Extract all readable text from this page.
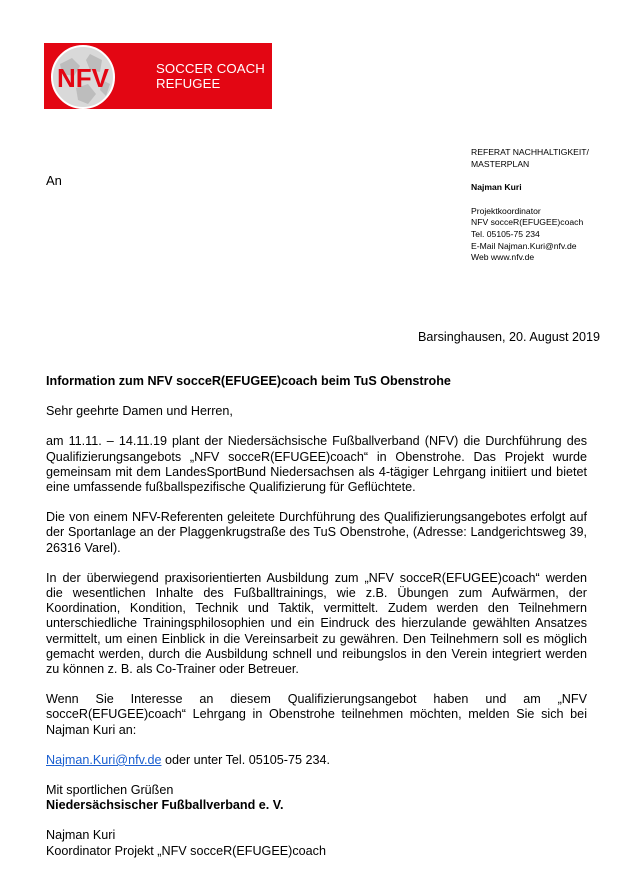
NFV	SOCCER COACH
REFUGEE
An
REFERAT NACHHALTIGKEIT/
MASTERPLAN
Najman Kuri
Projektkoordinator
NFV socceR(EFUGEE)coach
Tel. 05105-75 234
E-Mail Najman.Kuri@nfv.de
Web www.nfv.de
Barsinghausen, 20. August 2019

Information zum NFV socceR(EFUGEE)coach beim TuS Obenstrohe

Sehr geehrte Damen und Herren,

am 11.11. – 14.11.19 plant der Niedersächsische Fußballverband (NFV) die Durchführung des Qualifizierungsangebots „NFV socceR(EFUGEE)coach“ in Obenstrohe. Das Projekt wurde gemeinsam mit dem LandesSportBund Niedersachsen als 4-tägiger Lehrgang initiiert und bietet eine umfassende fußballspezifische Qualifizierung für Geflüchtete.

Die von einem NFV-Referenten geleitete Durchführung des Qualifizierungsangebotes erfolgt auf der Sportanlage an der Plaggenkrugstraße des TuS Obenstrohe, (Adresse: Landgerichtsweg 39, 26316 Varel).

In der überwiegend praxisorientierten Ausbildung zum „NFV socceR(EFUGEE)coach“ werden die wesentlichen Inhalte des Fußballtrainings, wie z.B. Übungen zum Aufwärmen, der Koordination, Kondition, Technik und Taktik, vermittelt. Zudem werden den Teilnehmern unterschiedliche Trainingsphilosophien und ein Eindruck des hierzulande gewählten Ansatzes vermittelt, um einen Einblick in die Vereinsarbeit zu gewähren. Den Teilnehmern soll es möglich gemacht werden, durch die Ausbildung schnell und reibungslos in den Verein integriert werden zu können z. B. als Co-Trainer oder Betreuer.

Wenn Sie Interesse an diesem Qualifizierungsangebot haben und am „NFV socceR(EFUGEE)coach“ Lehrgang in Obenstrohe teilnehmen möchten, melden Sie sich bei Najman Kuri an:

Najman.Kuri@nfv.de oder unter Tel. 05105-75 234.

Mit sportlichen Grüßen

Niedersächsischer Fußballverband e. V.

Najman Kuri

Koordinator Projekt „NFV socceR(EFUGEE)coach
